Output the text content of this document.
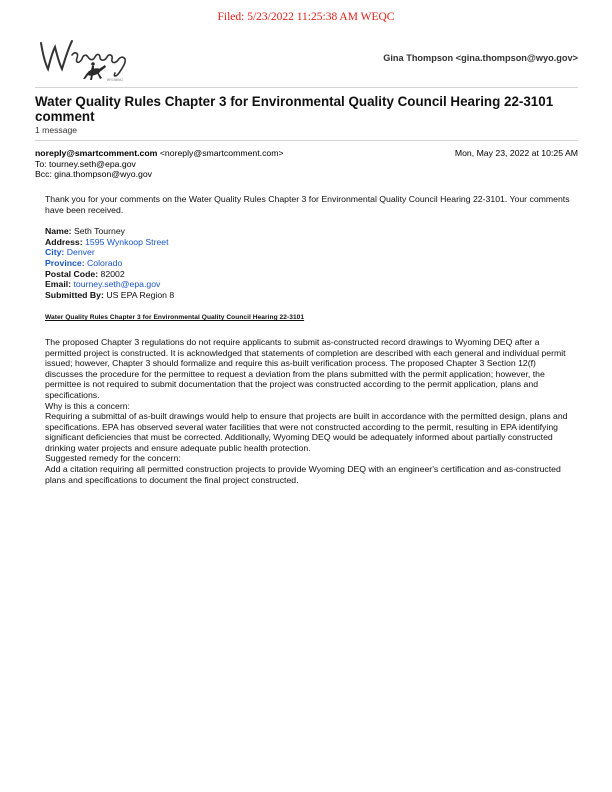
Filed: 5/23/2022 11:25:38 AM WEQC
WYOMING
Gina Thompson <gina.thompson@wyo.gov>
Water Quality Rules Chapter 3 for Environmental Quality Council Hearing 22-3101 comment
1 message
noreply@smartcomment.com <noreply@smartcomment.com>	Mon, May 23, 2022 at 10:25 AM
To: tourney.seth@epa.gov
Bcc: gina.thompson@wyo.gov

Thank you for your comments on the Water Quality Rules Chapter 3 for Environmental Quality Council Hearing 22-3101. Your comments have been received.

Name: Seth Tourney
Address: 1595 Wynkoop Street
City: Denver
Province: Colorado
Postal Code: 82002
Email: tourney.seth@epa.gov
Submitted By: US EPA Region 8
Water Quality Rules Chapter 3 for Environmental Quality Council Hearing 22-3101
The proposed Chapter 3 regulations do not require applicants to submit as-constructed record drawings to Wyoming DEQ after a permitted project is constructed. It is acknowledged that statements of completion are described with each general and individual permit issued; however, Chapter 3 should formalize and require this as-built verification process. The proposed Chapter 3 Section 12(f) discusses the procedure for the permittee to request a deviation from the plans submitted with the permit application; however, the permittee is not required to submit documentation that the project was constructed according to the permit application, plans and specifications.
Why is this a concern:
Requiring a submittal of as-built drawings would help to ensure that projects are built in accordance with the permitted design, plans and specifications. EPA has observed several water facilities that were not constructed according to the permit, resulting in EPA identifying significant deficiencies that must be corrected. Additionally, Wyoming DEQ would be adequately informed about partially constructed drinking water projects and ensure adequate public health protection.
Suggested remedy for the concern:
Add a citation requiring all permitted construction projects to provide Wyoming DEQ with an engineer's certification and as-constructed plans and specifications to document the final project constructed.
